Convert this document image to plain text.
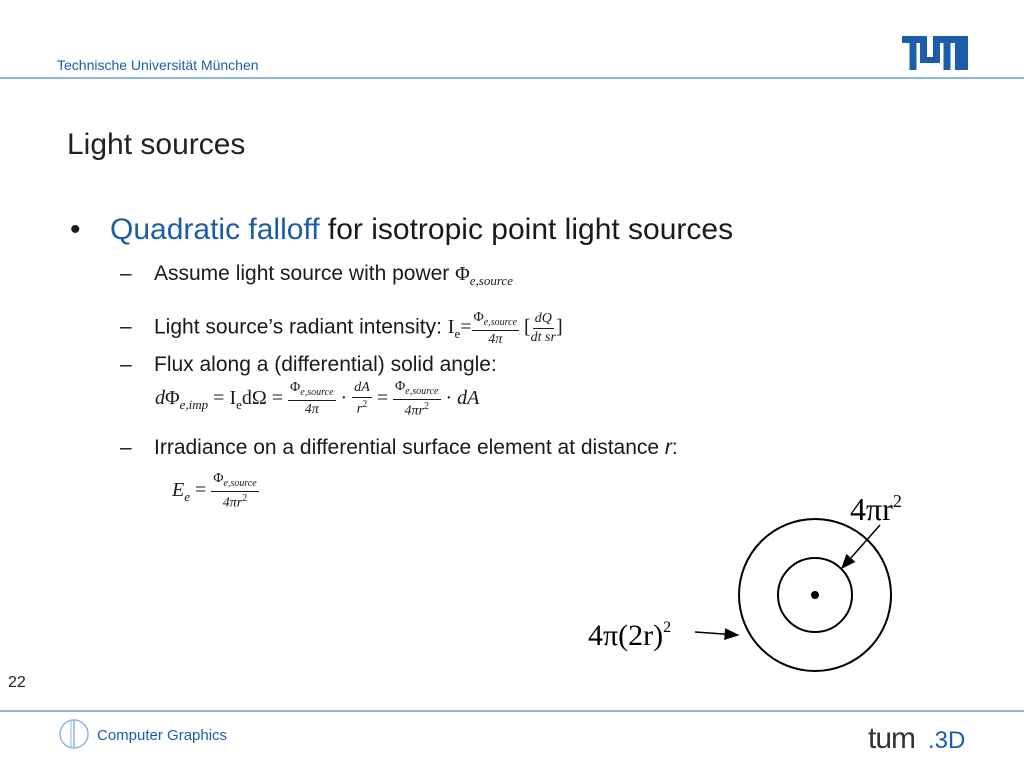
Technische Universität München
Light sources
• Quadratic falloff for isotropic point light sources
– Assume light source with power $\Phi_{e,source}$
– Light source’s radiant intensity: $I_e= \frac{\Phi_{e,source}}{4\pi}$ [ $\frac{dQ}{\text{dt sr}}$ ]
– Flux along a (differential) solid angle:
$d\Phi_{e,imp} = I_ed\Omega = \frac{\Phi_{e,source}}{4\pi} \cdot \frac{dA}{r^2} = \frac{\Phi_{e,source}}{4\pi r^2}$ · dA
– Irradiance on a differential surface element at distance r:
$E_e = \frac{\Phi_{e,source}}{4\pi r^2}$	$4\pi r^2$
$4\pi(2r)^2$
22
Computer Graphics	tum .3D
